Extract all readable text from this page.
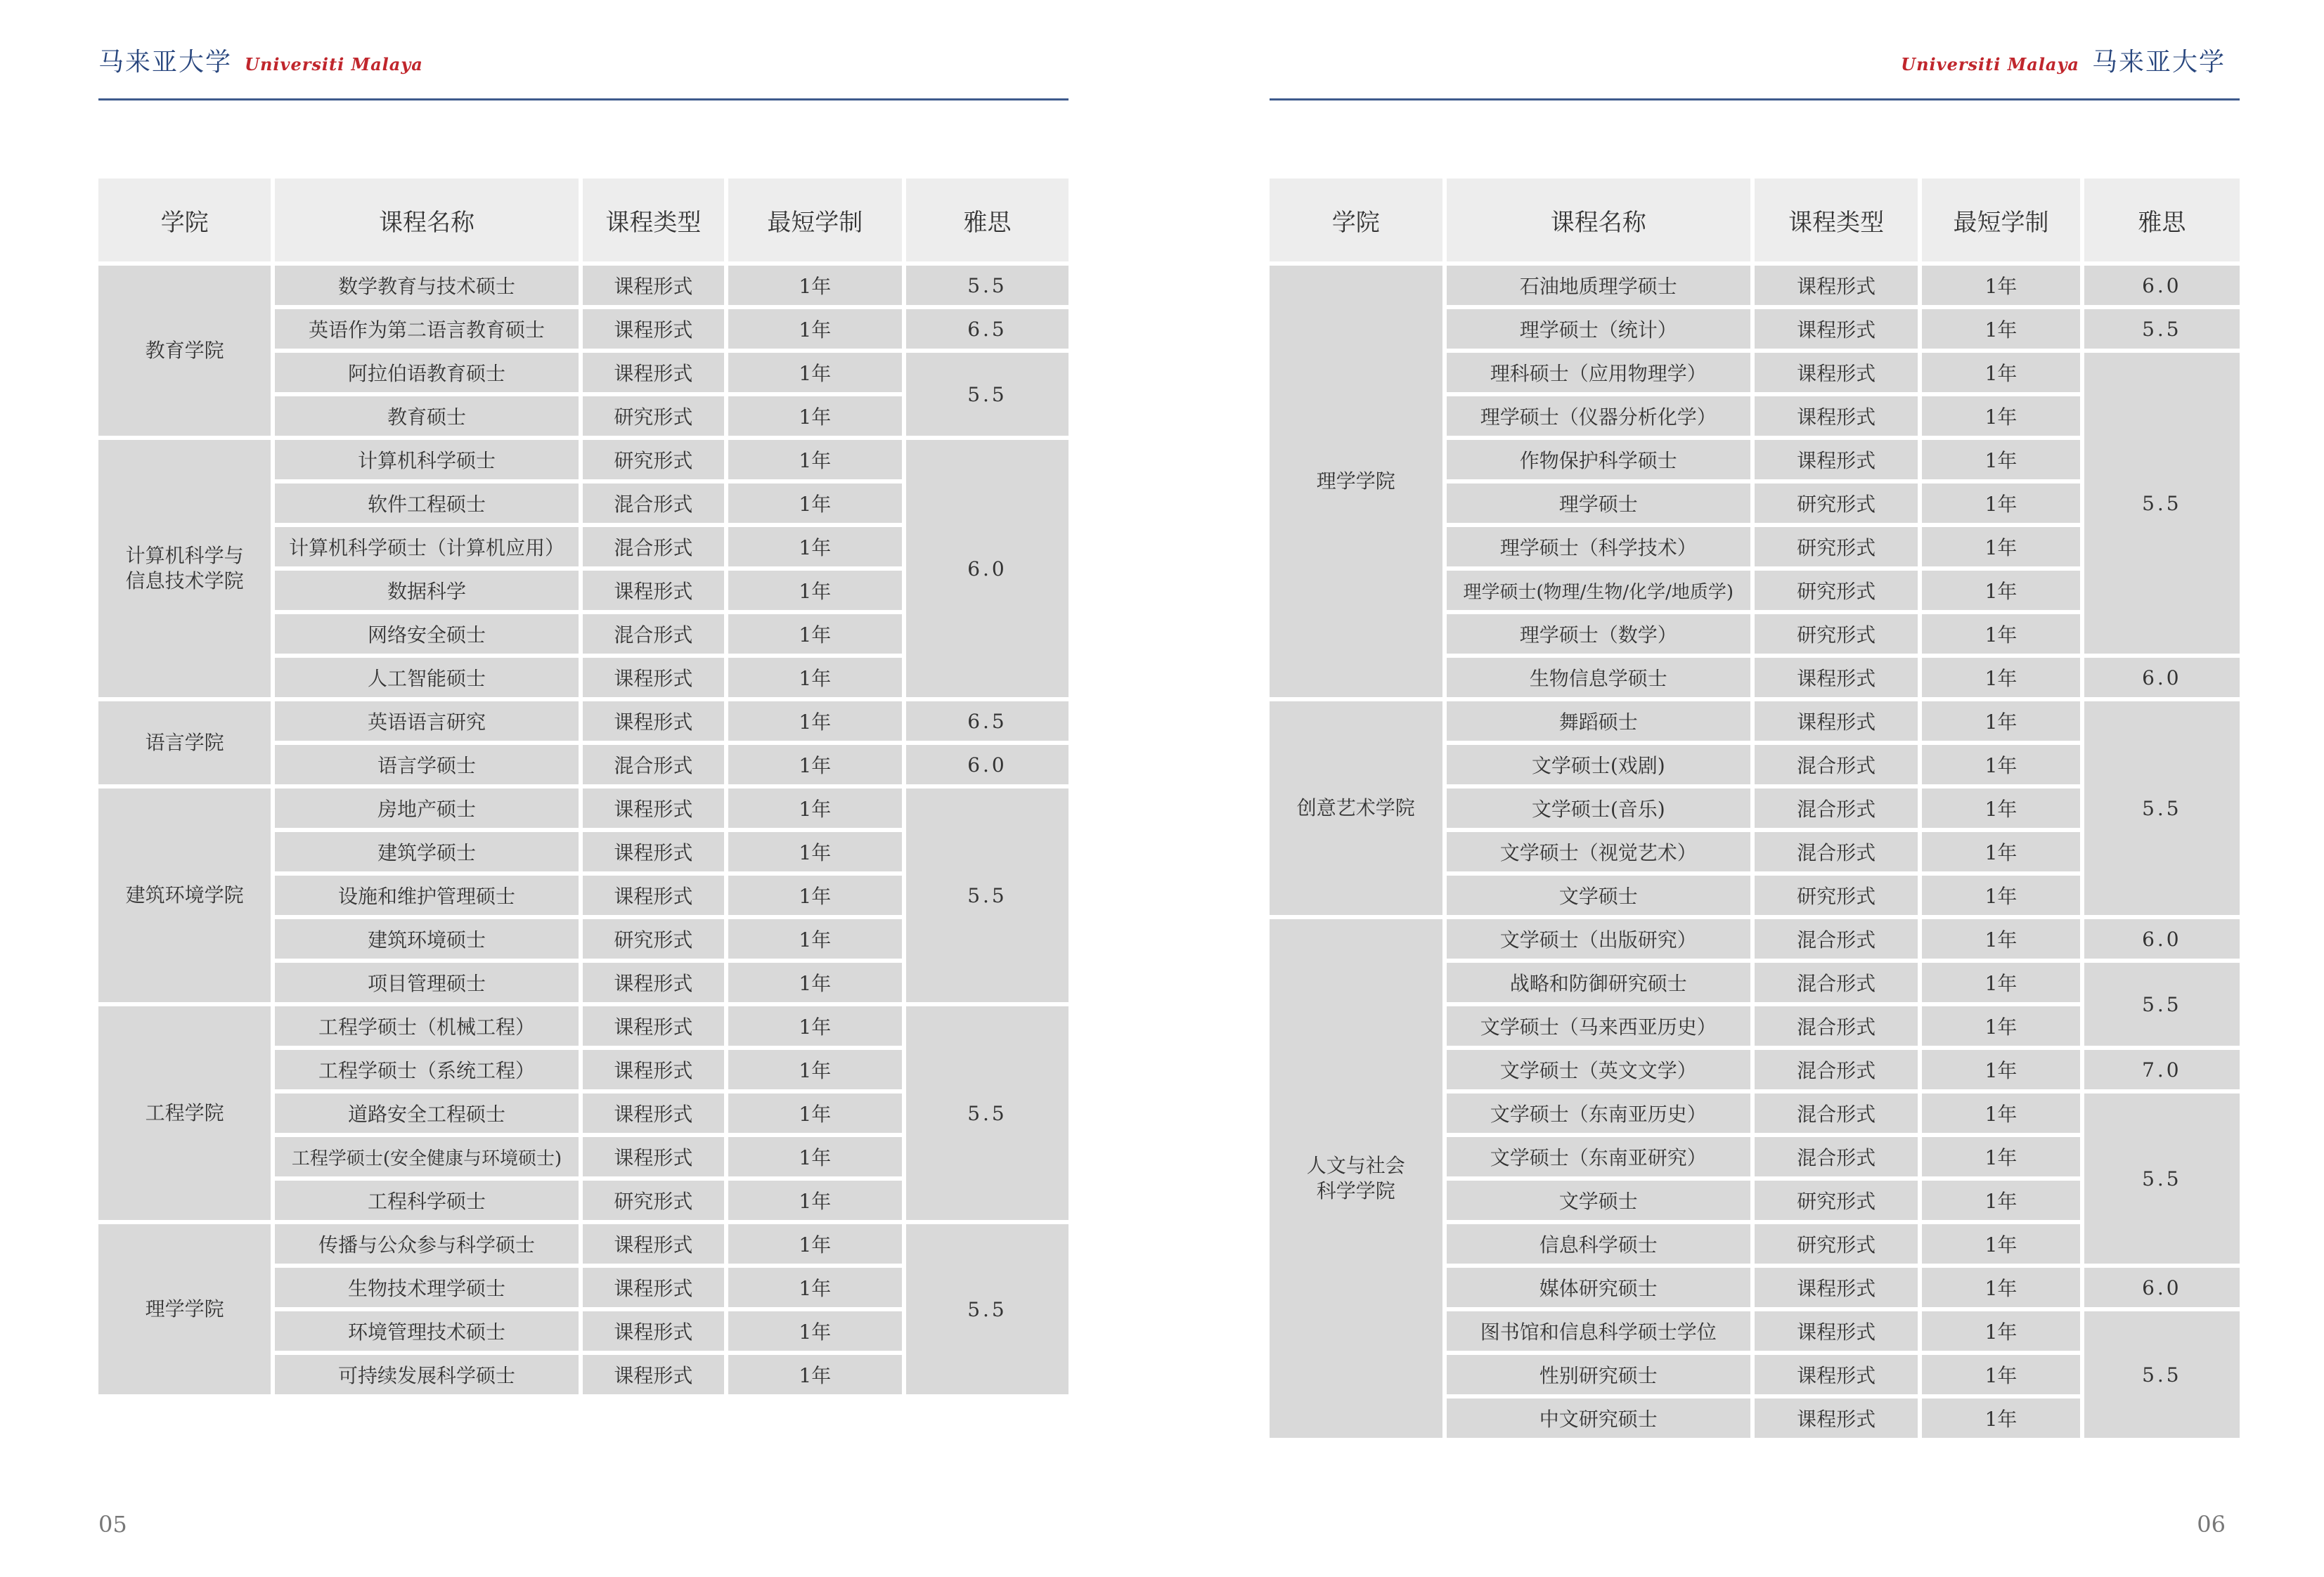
马来亚大学 Universiti Malaya	Universiti Malaya 马来亚大学
学院	课程名称	课程类型	最短学制	雅思
教育学院	数学教育与技术硕士	课程形式	1年	5.5
	英语作为第二语言教育硕士	课程形式	1年	6.5
	阿拉伯语教育硕士	课程形式	1年	5.5
	教育硕士	研究形式	1年	
计算机科学与
信息技术学院	计算机科学硕士	研究形式	1年	6.0
	软件工程硕士	混合形式	1年	
	计算机科学硕士（计算机应用）	混合形式	1年	
	数据科学	课程形式	1年	
	网络安全硕士	混合形式	1年	
	人工智能硕士	课程形式	1年	
语言学院	英语语言研究	课程形式	1年	6.5
	语言学硕士	混合形式	1年	6.0
建筑环境学院	房地产硕士	课程形式	1年	5.5
	建筑学硕士	课程形式	1年	
	设施和维护管理硕士	课程形式	1年	
	建筑环境硕士	研究形式	1年	
	项目管理硕士	课程形式	1年	
工程学院	工程学硕士（机械工程）	课程形式	1年	5.5
	工程学硕士（系统工程）	课程形式	1年	
	道路安全工程硕士	课程形式	1年	
	工程学硕士(安全健康与环境硕士)	课程形式	1年	
	工程科学硕士	研究形式	1年	
理学学院	传播与公众参与科学硕士	课程形式	1年	5.5
	生物技术理学硕士	课程形式	1年	
	环境管理技术硕士	课程形式	1年	
	可持续发展科学硕士	课程形式	1年	
学院	课程名称	课程类型	最短学制	雅思
理学学院	石油地质理学硕士	课程形式	1年	6.0
	理学硕士（统计）	课程形式	1年	5.5
	理科硕士（应用物理学）	课程形式	1年	5.5
	理学硕士（仪器分析化学）	课程形式	1年	
	作物保护科学硕士	课程形式	1年	
	理学硕士	研究形式	1年	
	理学硕士（科学技术）	研究形式	1年	
	理学硕士(物理/生物/化学/地质学)	研究形式	1年	
	理学硕士（数学）	研究形式	1年	
	生物信息学硕士	课程形式	1年	6.0
创意艺术学院	舞蹈硕士	课程形式	1年	5.5
	文学硕士(戏剧)	混合形式	1年	
	文学硕士(音乐)	混合形式	1年	
	文学硕士（视觉艺术）	混合形式	1年	
	文学硕士	研究形式	1年	
人文与社会
科学学院	文学硕士（出版研究）	混合形式	1年	6.0
	战略和防御研究硕士	混合形式	1年	5.5
	文学硕士（马来西亚历史）	混合形式	1年	
	文学硕士（英文文学）	混合形式	1年	7.0
	文学硕士（东南亚历史）	混合形式	1年	5.5
	文学硕士（东南亚研究）	混合形式	1年	
	文学硕士	研究形式	1年	
	信息科学硕士	研究形式	1年	
	媒体研究硕士	课程形式	1年	6.0
	图书馆和信息科学硕士学位	课程形式	1年	5.5
	性别研究硕士	课程形式	1年	
	中文研究硕士	课程形式	1年	
05	06
